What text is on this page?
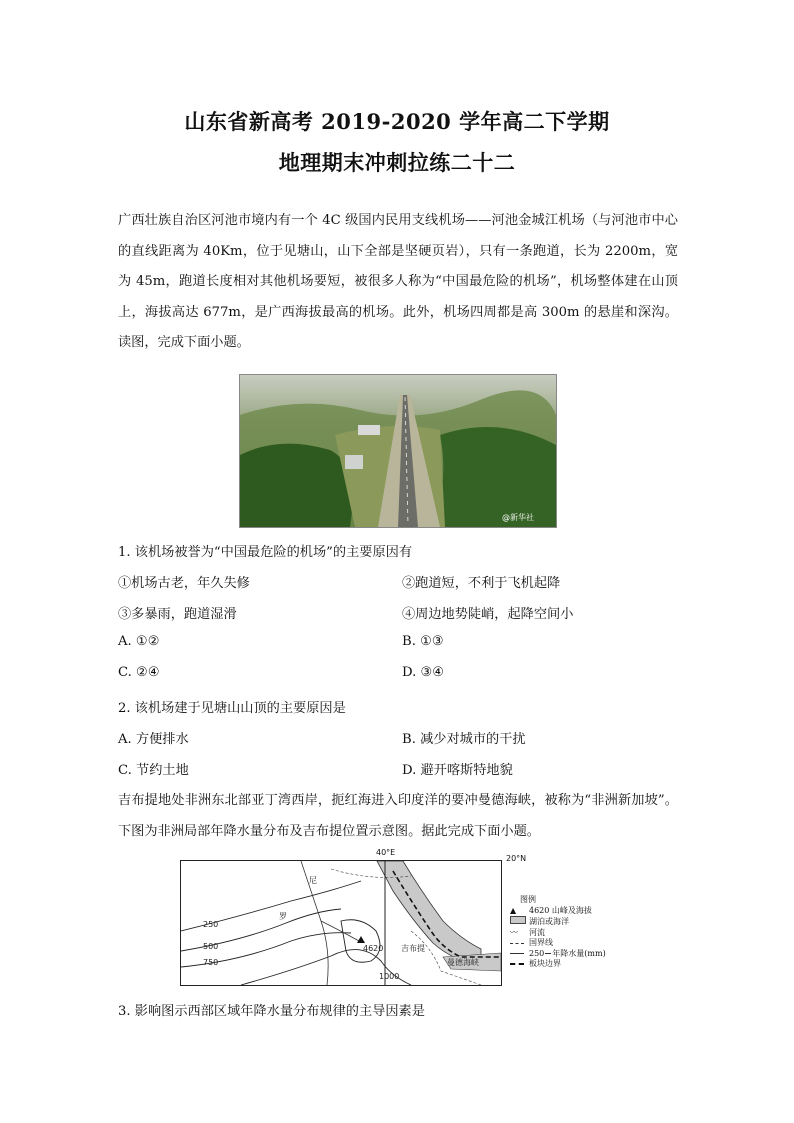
山东省新高考 2019-2020 学年高二下学期
地理期末冲刺拉练二十二
广西壮族自治区河池市境内有一个 4C 级国内民用支线机场——河池金城江机场（与河池市中心的直线距离为 40Km，位于见塘山，山下全部是坚硬页岩），只有一条跑道，长为 2200m，宽为 45m，跑道长度相对其他机场要短，被很多人称为“中国最危险的机场”，机场整体建在山顶上，海拔高达 677m，是广西海拔最高的机场。此外，机场四周都是高 300m 的悬崖和深沟。读图，完成下面小题。
@新华社
1. 该机场被誉为“中国最危险的机场”的主要原因有
①机场古老，年久失修	②跑道短，不利于飞机起降
③多暴雨，跑道湿滑	④周边地势陡峭，起降空间小
A. ①②	B. ①③
C. ②④	D. ③④
2. 该机场建于见塘山山顶的主要原因是
A. 方便排水	B. 减少对城市的干扰
C. 节约土地	D. 避开喀斯特地貌
吉布提地处非洲东北部亚丁湾西岸，扼红海进入印度洋的要冲曼德海峡，被称为“非洲新加坡”。下图为非洲局部年降水量分布及吉布提位置示意图。据此完成下面小题。
40°E
20°N
尼
罗
250
500
750
1000
4620 吉布提
曼德海峡
图例
▲	4620 山峰及海拔
湖泊或海洋
〰	河流
国界线
250 年降水量(mm)
板块边界
3. 影响图示西部区域年降水量分布规律的主导因素是
